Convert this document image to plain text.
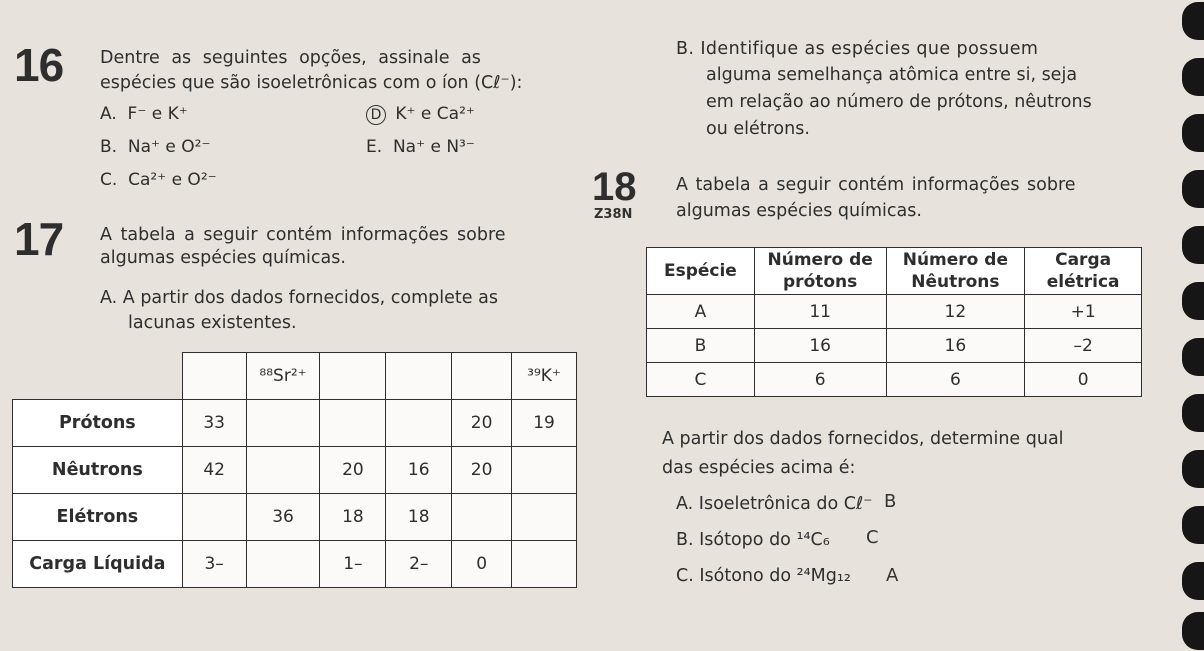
16 Dentre as seguintes opções, assinale as
espécies que são isoeletrônicas com o íon (Cℓ⁻):
A. F⁻ e K⁺
B. Na⁺ e O²⁻
C. Ca²⁺ e O²⁻
D K⁺ e Ca²⁺
E. Na⁺ e N³⁻
17 A tabela a seguir contém informações sobre
algumas espécies químicas.
A. A partir dos dados fornecidos, complete as
lacunas existentes.
		⁸⁸Sr²⁺				³⁹K⁺
Prótons	33				20	19
Nêutrons	42		20	16	20	
Elétrons		36	18	18		
Carga Líquida	3–		1–	2–	0	
B. Identifique as espécies que possuem
alguma semelhança atômica entre si, seja
em relação ao número de prótons, nêutrons
ou elétrons.
18
Z38N
A tabela a seguir contém informações sobre
algumas espécies químicas.
Espécie	Número de prótons	Número de Nêutrons	Carga elétrica
A	11	12	+1
B	16	16	–2
C	6	6	0
A partir dos dados fornecidos, determine qual
das espécies acima é:
A. Isoeletrônica do Cℓ⁻ B
B. Isótopo do ¹⁴C₆ C
C. Isótono do ²⁴Mg₁₂ A
